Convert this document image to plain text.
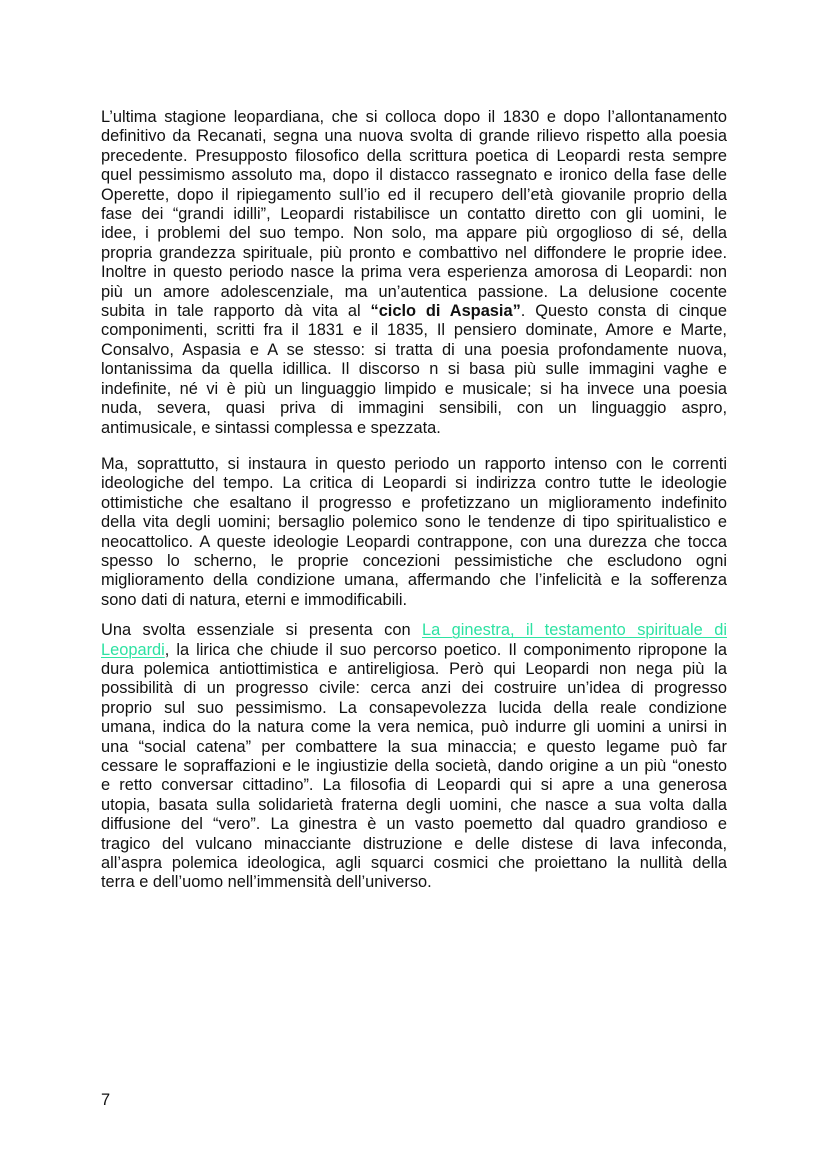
L’ultima stagione leopardiana, che si colloca dopo il 1830 e dopo l’allontanamento
definitivo da Recanati, segna una nuova svolta di grande rilievo rispetto alla poesia
precedente. Presupposto filosofico della scrittura poetica di Leopardi resta sempre
quel pessimismo assoluto ma, dopo il distacco rassegnato e ironico della fase delle
Operette, dopo il ripiegamento sull’io ed il recupero dell’età giovanile proprio della
fase dei “grandi idilli”, Leopardi ristabilisce un contatto diretto con gli uomini, le
idee, i problemi del suo tempo. Non solo, ma appare più orgoglioso di sé, della
propria grandezza spirituale, più pronto e combattivo nel diffondere le proprie idee.
Inoltre in questo periodo nasce la prima vera esperienza amorosa di Leopardi: non
più un amore adolescenziale, ma un’autentica passione. La delusione cocente
subita in tale rapporto dà vita al “ciclo di Aspasia”. Questo consta di cinque
componimenti, scritti fra il 1831 e il 1835, Il pensiero dominate, Amore e Marte,
Consalvo, Aspasia e A se stesso: si tratta di una poesia profondamente nuova,
lontanissima da quella idillica. Il discorso n si basa più sulle immagini vaghe e
indefinite, né vi è più un linguaggio limpido e musicale; si ha invece una poesia
nuda, severa, quasi priva di immagini sensibili, con un linguaggio aspro,
antimusicale, e sintassi complessa e spezzata.

Ma, soprattutto, si instaura in questo periodo un rapporto intenso con le correnti
ideologiche del tempo. La critica di Leopardi si indirizza contro tutte le ideologie
ottimistiche che esaltano il progresso e profetizzano un miglioramento indefinito
della vita degli uomini; bersaglio polemico sono le tendenze di tipo spiritualistico e
neocattolico. A queste ideologie Leopardi contrappone, con una durezza che tocca
spesso lo scherno, le proprie concezioni pessimistiche che escludono ogni
miglioramento della condizione umana, affermando che l’infelicità e la sofferenza
sono dati di natura, eterni e immodificabili.

Una svolta essenziale si presenta con La ginestra, il testamento spirituale di
Leopardi, la lirica che chiude il suo percorso poetico. Il componimento ripropone la
dura polemica antiottimistica e antireligiosa. Però qui Leopardi non nega più la
possibilità di un progresso civile: cerca anzi dei costruire un’idea di progresso
proprio sul suo pessimismo. La consapevolezza lucida della reale condizione
umana, indica do la natura come la vera nemica, può indurre gli uomini a unirsi in
una “social catena” per combattere la sua minaccia; e questo legame può far
cessare le sopraffazioni e le ingiustizie della società, dando origine a un più “onesto
e retto conversar cittadino”. La filosofia di Leopardi qui si apre a una generosa
utopia, basata sulla solidarietà fraterna degli uomini, che nasce a sua volta dalla
diffusione del “vero”. La ginestra è un vasto poemetto dal quadro grandioso e
tragico del vulcano minacciante distruzione e delle distese di lava infeconda,
all’aspra polemica ideologica, agli squarci cosmici che proiettano la nullità della
terra e dell’uomo nell’immensità dell’universo.

7
